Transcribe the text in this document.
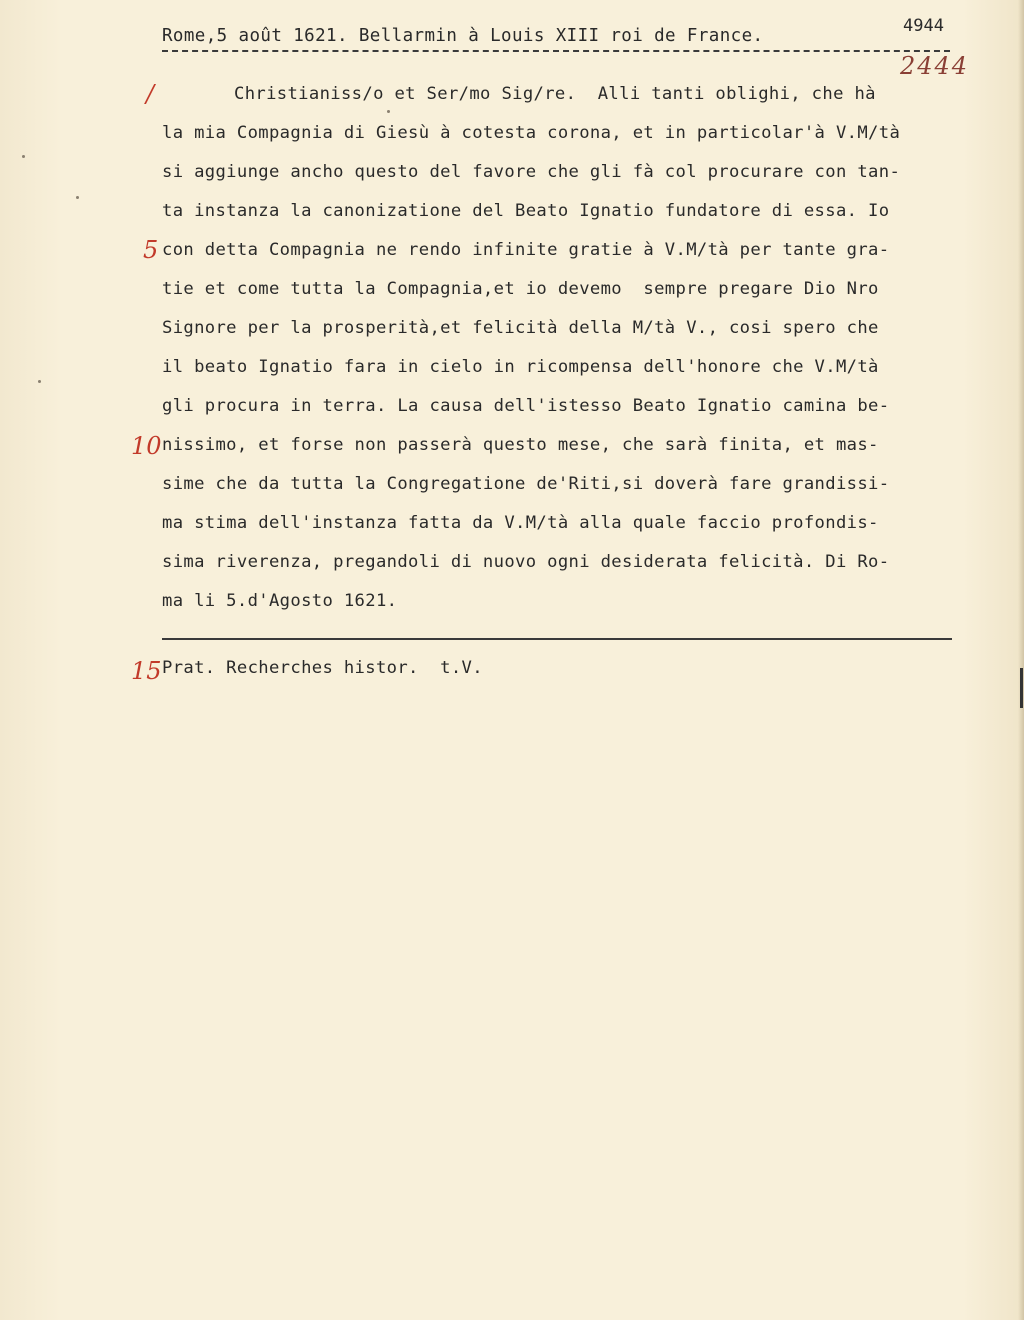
Rome,5 août 1621. Bellarmin à Louis XIII roi de France.	4944
2444
/
5
10
15
Christianiss/o et Ser/mo Sig/re.  Alli tanti oblighi, che hà
la mia Compagnia di Giesù à cotesta corona, et in particolar'à V.M/tà
si aggiunge ancho questo del favore che gli fà col procurare con tan-
ta instanza la canonizatione del Beato Ignatio fundatore di essa. Io
con detta Compagnia ne rendo infinite gratie à V.M/tà per tante gra-
tie et come tutta la Compagnia,et io devemo  sempre pregare Dio Nro
Signore per la prosperità,et felicità della M/tà V., cosi spero che
il beato Ignatio fara in cielo in ricompensa dell'honore che V.M/tà
gli procura in terra. La causa dell'istesso Beato Ignatio camina be-
nissimo, et forse non passerà questo mese, che sarà finita, et mas-
sime che da tutta la Congregatione de'Riti,si doverà fare grandissi-
ma stima dell'instanza fatta da V.M/tà alla quale faccio profondis-
sima riverenza, pregandoli di nuovo ogni desiderata felicità. Di Ro-
ma li 5.d'Agosto 1621.
Prat. Recherches histor.  t.V.
